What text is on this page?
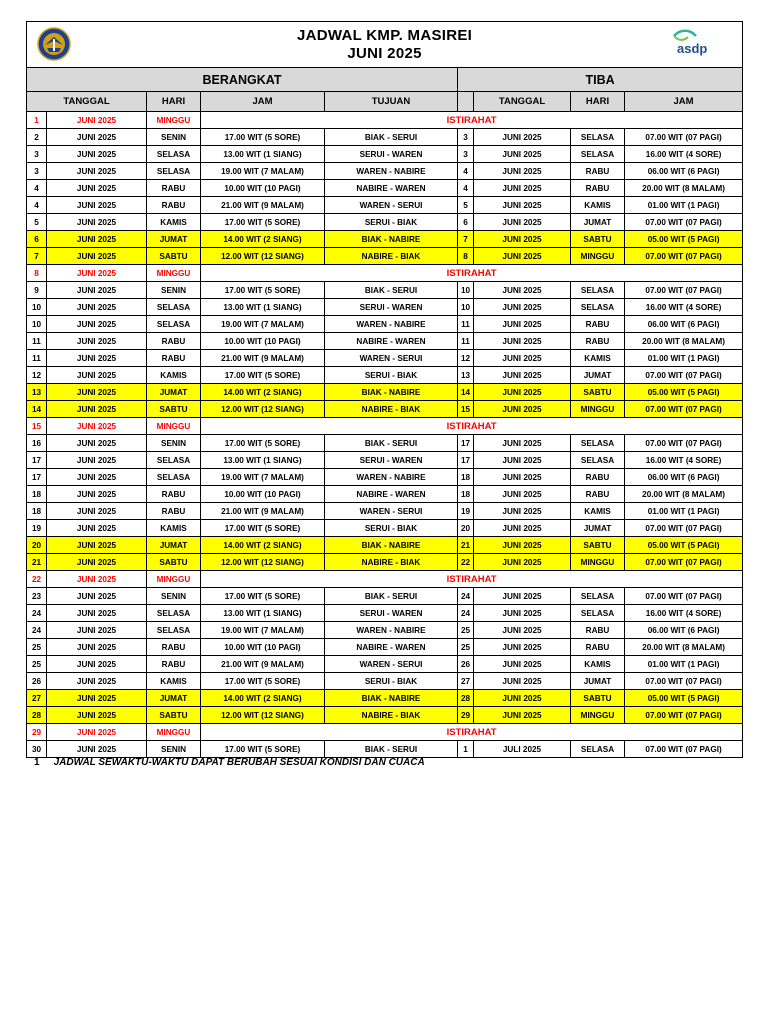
JADWAL KMP. MASIREI
JUNI 2025 asdp								

BERANGKAT					TIBA			
TANGGAL		HARI	JAM	TUJUAN		TANGGAL	HARI	JAM
1	JUNI 2025	MINGGU	ISTIRAHAT					
2	JUNI 2025	SENIN	17.00 WIT (5 SORE)	BIAK - SERUI	3	JUNI 2025	SELASA	07.00 WIT (07 PAGI)
3	JUNI 2025	SELASA	13.00 WIT (1 SIANG)	SERUI - WAREN	3	JUNI 2025	SELASA	16.00 WIT (4 SORE)
3	JUNI 2025	SELASA	19.00 WIT (7 MALAM)	WAREN - NABIRE	4	JUNI 2025	RABU	06.00 WIT (6 PAGI)
4	JUNI 2025	RABU	10.00 WIT (10 PAGI)	NABIRE - WAREN	4	JUNI 2025	RABU	20.00 WIT (8 MALAM)
4	JUNI 2025	RABU	21.00 WIT (9 MALAM)	WAREN - SERUI	5	JUNI 2025	KAMIS	01.00 WIT (1 PAGI)
5	JUNI 2025	KAMIS	17.00 WIT (5 SORE)	SERUI - BIAK	6	JUNI 2025	JUMAT	07.00 WIT (07 PAGI)
6	JUNI 2025	JUMAT	14.00 WIT (2 SIANG)	BIAK - NABIRE	7	JUNI 2025	SABTU	05.00 WIT (5 PAGI)
7	JUNI 2025	SABTU	12.00 WIT (12 SIANG)	NABIRE - BIAK	8	JUNI 2025	MINGGU	07.00 WIT (07 PAGI)
8	JUNI 2025	MINGGU	ISTIRAHAT					
9	JUNI 2025	SENIN	17.00 WIT (5 SORE)	BIAK - SERUI	10	JUNI 2025	SELASA	07.00 WIT (07 PAGI)
10	JUNI 2025	SELASA	13.00 WIT (1 SIANG)	SERUI - WAREN	10	JUNI 2025	SELASA	16.00 WIT (4 SORE)
10	JUNI 2025	SELASA	19.00 WIT (7 MALAM)	WAREN - NABIRE	11	JUNI 2025	RABU	06.00 WIT (6 PAGI)
11	JUNI 2025	RABU	10.00 WIT (10 PAGI)	NABIRE - WAREN	11	JUNI 2025	RABU	20.00 WIT (8 MALAM)
11	JUNI 2025	RABU	21.00 WIT (9 MALAM)	WAREN - SERUI	12	JUNI 2025	KAMIS	01.00 WIT (1 PAGI)
12	JUNI 2025	KAMIS	17.00 WIT (5 SORE)	SERUI - BIAK	13	JUNI 2025	JUMAT	07.00 WIT (07 PAGI)
13	JUNI 2025	JUMAT	14.00 WIT (2 SIANG)	BIAK - NABIRE	14	JUNI 2025	SABTU	05.00 WIT (5 PAGI)
14	JUNI 2025	SABTU	12.00 WIT (12 SIANG)	NABIRE - BIAK	15	JUNI 2025	MINGGU	07.00 WIT (07 PAGI)
15	JUNI 2025	MINGGU	ISTIRAHAT					
16	JUNI 2025	SENIN	17.00 WIT (5 SORE)	BIAK - SERUI	17	JUNI 2025	SELASA	07.00 WIT (07 PAGI)
17	JUNI 2025	SELASA	13.00 WIT (1 SIANG)	SERUI - WAREN	17	JUNI 2025	SELASA	16.00 WIT (4 SORE)
17	JUNI 2025	SELASA	19.00 WIT (7 MALAM)	WAREN - NABIRE	18	JUNI 2025	RABU	06.00 WIT (6 PAGI)
18	JUNI 2025	RABU	10.00 WIT (10 PAGI)	NABIRE - WAREN	18	JUNI 2025	RABU	20.00 WIT (8 MALAM)
18	JUNI 2025	RABU	21.00 WIT (9 MALAM)	WAREN - SERUI	19	JUNI 2025	KAMIS	01.00 WIT (1 PAGI)
19	JUNI 2025	KAMIS	17.00 WIT (5 SORE)	SERUI - BIAK	20	JUNI 2025	JUMAT	07.00 WIT (07 PAGI)
20	JUNI 2025	JUMAT	14.00 WIT (2 SIANG)	BIAK - NABIRE	21	JUNI 2025	SABTU	05.00 WIT (5 PAGI)
21	JUNI 2025	SABTU	12.00 WIT (12 SIANG)	NABIRE - BIAK	22	JUNI 2025	MINGGU	07.00 WIT (07 PAGI)
22	JUNI 2025	MINGGU	ISTIRAHAT					
23	JUNI 2025	SENIN	17.00 WIT (5 SORE)	BIAK - SERUI	24	JUNI 2025	SELASA	07.00 WIT (07 PAGI)
24	JUNI 2025	SELASA	13.00 WIT (1 SIANG)	SERUI - WAREN	24	JUNI 2025	SELASA	16.00 WIT (4 SORE)
24	JUNI 2025	SELASA	19.00 WIT (7 MALAM)	WAREN - NABIRE	25	JUNI 2025	RABU	06.00 WIT (6 PAGI)
25	JUNI 2025	RABU	10.00 WIT (10 PAGI)	NABIRE - WAREN	25	JUNI 2025	RABU	20.00 WIT (8 MALAM)
25	JUNI 2025	RABU	21.00 WIT (9 MALAM)	WAREN - SERUI	26	JUNI 2025	KAMIS	01.00 WIT (1 PAGI)
26	JUNI 2025	KAMIS	17.00 WIT (5 SORE)	SERUI - BIAK	27	JUNI 2025	JUMAT	07.00 WIT (07 PAGI)
27	JUNI 2025	JUMAT	14.00 WIT (2 SIANG)	BIAK - NABIRE	28	JUNI 2025	SABTU	05.00 WIT (5 PAGI)
28	JUNI 2025	SABTU	12.00 WIT (12 SIANG)	NABIRE - BIAK	29	JUNI 2025	MINGGU	07.00 WIT (07 PAGI)
29	JUNI 2025	MINGGU	ISTIRAHAT					
30	JUNI 2025	SENIN	17.00 WIT (5 SORE)	BIAK - SERUI	1	JULI 2025	SELASA	07.00 WIT (07 PAGI)
1 JADWAL SEWAKTU-WAKTU DAPAT BERUBAH SESUAI KONDISI DAN CUACA
